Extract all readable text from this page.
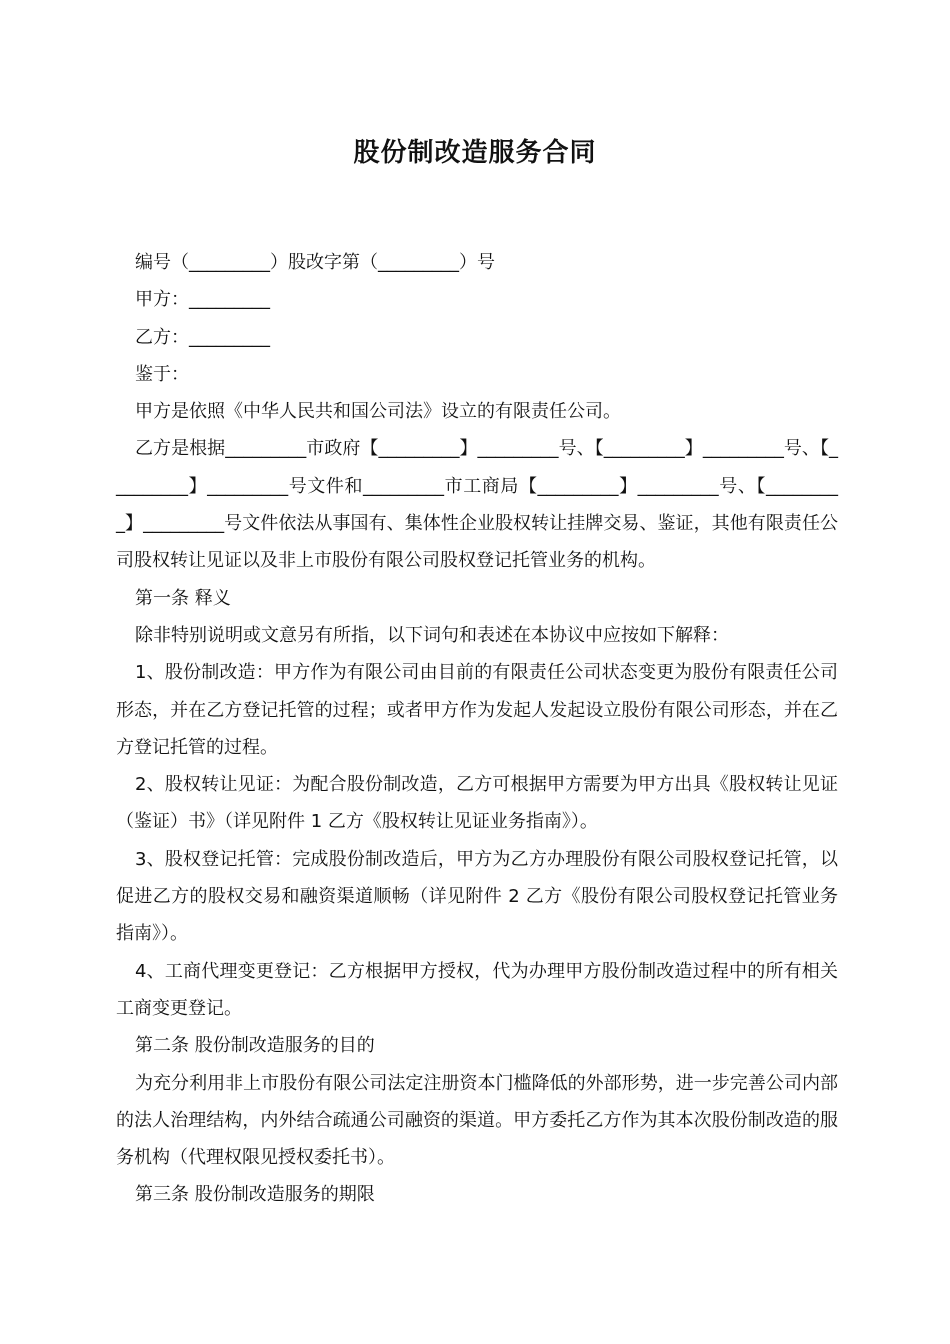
股份制改造服务合同

编号（_________）股改字第（_________）号

甲方：_________

乙方：_________

鉴于：

甲方是依照《中华人民共和国公司法》设立的有限责任公司。

乙方是根据_________市政府【_________】_________号、【_________】_________号、【_________】_________号文件和_________市工商局【_________】_________号、【_________】_________号文件依法从事国有、集体性企业股权转让挂牌交易、鉴证，其他有限责任公司股权转让见证以及非上市股份有限公司股权登记托管业务的机构。

第一条 释义

除非特别说明或文意另有所指，以下词句和表述在本协议中应按如下解释：

1、股份制改造：甲方作为有限公司由目前的有限责任公司状态变更为股份有限责任公司形态，并在乙方登记托管的过程；或者甲方作为发起人发起设立股份有限公司形态，并在乙方登记托管的过程。

2、股权转让见证：为配合股份制改造，乙方可根据甲方需要为甲方出具《股权转让见证（鉴证）书》（详见附件 1 乙方《股权转让见证业务指南》）。

3、股权登记托管：完成股份制改造后，甲方为乙方办理股份有限公司股权登记托管，以促进乙方的股权交易和融资渠道顺畅（详见附件 2 乙方《股份有限公司股权登记托管业务指南》）。

4、工商代理变更登记：乙方根据甲方授权，代为办理甲方股份制改造过程中的所有相关工商变更登记。

第二条 股份制改造服务的目的

为充分利用非上市股份有限公司法定注册资本门槛降低的外部形势，进一步完善公司内部的法人治理结构，内外结合疏通公司融资的渠道。甲方委托乙方作为其本次股份制改造的服务机构（代理权限见授权委托书）。

第三条 股份制改造服务的期限
